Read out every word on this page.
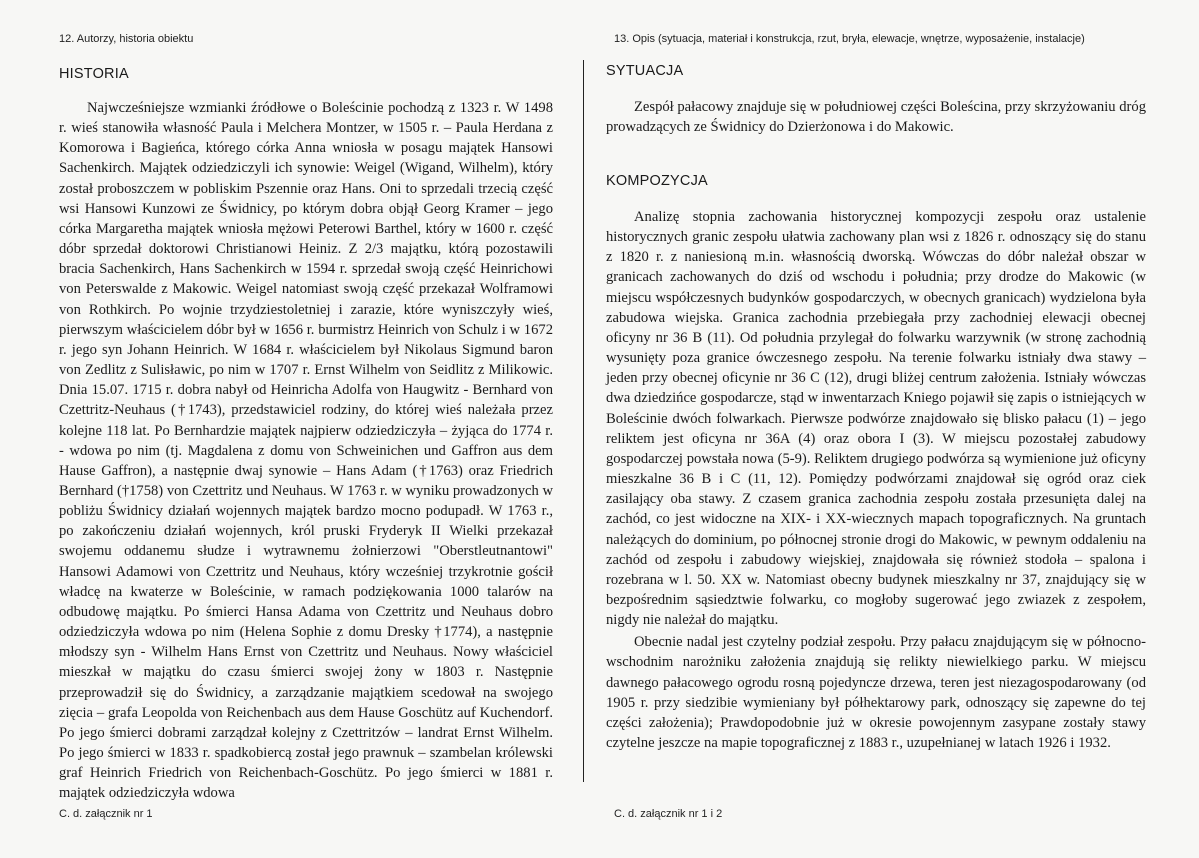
12. Autorzy, historia obiektu
HISTORIA

Najwcześniejsze wzmianki źródłowe o Boleścinie pochodzą z 1323 r. W 1498 r. wieś stanowiła własność Paula i Melchera Montzer, w 1505 r. – Paula Herdana z Komorowa i Bagieńca, którego córka Anna wniosła w posagu majątek Hansowi Sachenkirch. Majątek odziedziczyli ich synowie: Weigel (Wigand, Wilhelm), który został proboszczem w pobliskim Pszennie oraz Hans. Oni to sprzedali trzecią część wsi Hansowi Kunzowi ze Świdnicy, po którym dobra objął Georg Kramer – jego córka Margaretha majątek wniosła mężowi Peterowi Barthel, który w 1600 r. część dóbr sprzedał doktorowi Christianowi Heiniz. Z 2/3 majątku, którą pozostawili bracia Sachenkirch, Hans Sachenkirch w 1594 r. sprzedał swoją część Heinrichowi von Peterswalde z Makowic. Weigel natomiast swoją część przekazał Wolframowi von Rothkirch. Po wojnie trzydziestoletniej i zarazie, które wyniszczyły wieś, pierwszym właścicielem dóbr był w 1656 r. burmistrz Heinrich von Schulz i w 1672 r. jego syn Johann Heinrich. W 1684 r. właścicielem był Nikolaus Sigmund baron von Zedlitz z Sulisławic, po nim w 1707 r. Ernst Wilhelm von Seidlitz z Milikowic. Dnia 15.07. 1715 r. dobra nabył od Heinricha Adolfa von Haugwitz - Bernhard von Czettritz-Neuhaus (†1743), przedstawiciel rodziny, do której wieś należała przez kolejne 118 lat. Po Bernhardzie majątek najpierw odziedziczyła – żyjąca do 1774 r. - wdowa po nim (tj. Magdalena z domu von Schweinichen und Gaffron aus dem Hause Gaffron), a następnie dwaj synowie – Hans Adam (†1763) oraz Friedrich Bernhard (†1758) von Czettritz und Neuhaus. W 1763 r. w wyniku prowadzonych w pobliżu Świdnicy działań wojennych majątek bardzo mocno podupadł. W 1763 r., po zakończeniu działań wojennych, król pruski Fryderyk II Wielki przekazał swojemu oddanemu słudze i wytrawnemu żołnierzowi "Oberstleutnantowi" Hansowi Adamowi von Czettritz und Neuhaus, który wcześniej trzykrotnie gościł władcę na kwaterze w Boleścinie, w ramach podziękowania 1000 talarów na odbudowę majątku. Po śmierci Hansa Adama von Czettritz und Neuhaus dobro odziedziczyła wdowa po nim (Helena Sophie z domu Dresky †1774), a następnie młodszy syn - Wilhelm Hans Ernst von Czettritz und Neuhaus. Nowy właściciel mieszkał w majątku do czasu śmierci swojej żony w 1803 r. Następnie przeprowadził się do Świdnicy, a zarządzanie majątkiem scedował na swojego zięcia – grafa Leopolda von Reichenbach aus dem Hause Goschütz auf Kuchendorf. Po jego śmierci dobrami zarządzał kolejny z Czettritzów – landrat Ernst Wilhelm. Po jego śmierci w 1833 r. spadkobiercą został jego prawnuk – szambelan królewski graf Heinrich Friedrich von Reichenbach-Goschütz. Po jego śmierci w 1881 r. majątek odziedziczyła wdowa

C. d. załącznik nr 1
13. Opis (sytuacja, materiał i konstrukcja, rzut, bryła, elewacje, wnętrze, wyposażenie, instalacje)
SYTUACJA

Zespół pałacowy znajduje się w południowej części Boleścina, przy skrzyżowaniu dróg prowadzących ze Świdnicy do Dzierżonowa i do Makowic.

KOMPOZYCJA

Analizę stopnia zachowania historycznej kompozycji zespołu oraz ustalenie historycznych granic zespołu ułatwia zachowany plan wsi z 1826 r. odnoszący się do stanu z 1820 r. z naniesioną m.in. własnością dworską. Wówczas do dóbr należał obszar w granicach zachowanych do dziś od wschodu i południa; przy drodze do Makowic (w miejscu współczesnych budynków gospodarczych, w obecnych granicach) wydzielona była zabudowa wiejska. Granica zachodnia przebiegała przy zachodniej elewacji obecnej oficyny nr 36 B (11). Od południa przylegał do folwarku warzywnik (w stronę zachodnią wysunięty poza granice ówczesnego zespołu. Na terenie folwarku istniały dwa stawy – jeden przy obecnej oficynie nr 36 C (12), drugi bliżej centrum założenia. Istniały wówczas dwa dziedzińce gospodarcze, stąd w inwentarzach Kniego pojawił się zapis o istniejących w Boleścinie dwóch folwarkach. Pierwsze podwórze znajdowało się blisko pałacu (1) – jego reliktem jest oficyna nr 36A (4) oraz obora I (3). W miejscu pozostałej zabudowy gospodarczej powstała nowa (5-9). Reliktem drugiego podwórza są wymienione już oficyny mieszkalne 36 B i C (11, 12). Pomiędzy podwórzami znajdował się ogród oraz ciek zasilający oba stawy. Z czasem granica zachodnia zespołu została przesunięta dalej na zachód, co jest widoczne na XIX- i XX-wiecznych mapach topograficznych. Na gruntach należących do dominium, po północnej stronie drogi do Makowic, w pewnym oddaleniu na zachód od zespołu i zabudowy wiejskiej, znajdowała się również stodoła – spalona i rozebrana w l. 50. XX w. Natomiast obecny budynek mieszkalny nr 37, znajdujący się w bezpośrednim sąsiedztwie folwarku, co mogłoby sugerować jego zwiazek z zespołem, nigdy nie należał do majątku.

Obecnie nadal jest czytelny podział zespołu. Przy pałacu znajdującym się w północno-wschodnim narożniku założenia znajdują się relikty niewielkiego parku. W miejscu dawnego pałacowego ogrodu rosną pojedyncze drzewa, teren jest niezagospodarowany (od 1905 r. przy siedzibie wymieniany był półhektarowy park, odnoszący się zapewne do tej części założenia); Prawdopodobnie już w okresie powojennym zasypane zostały stawy czytelne jeszcze na mapie topograficznej z 1883 r., uzupełnianej w latach 1926 i 1932.

C. d. załącznik nr 1 i 2
